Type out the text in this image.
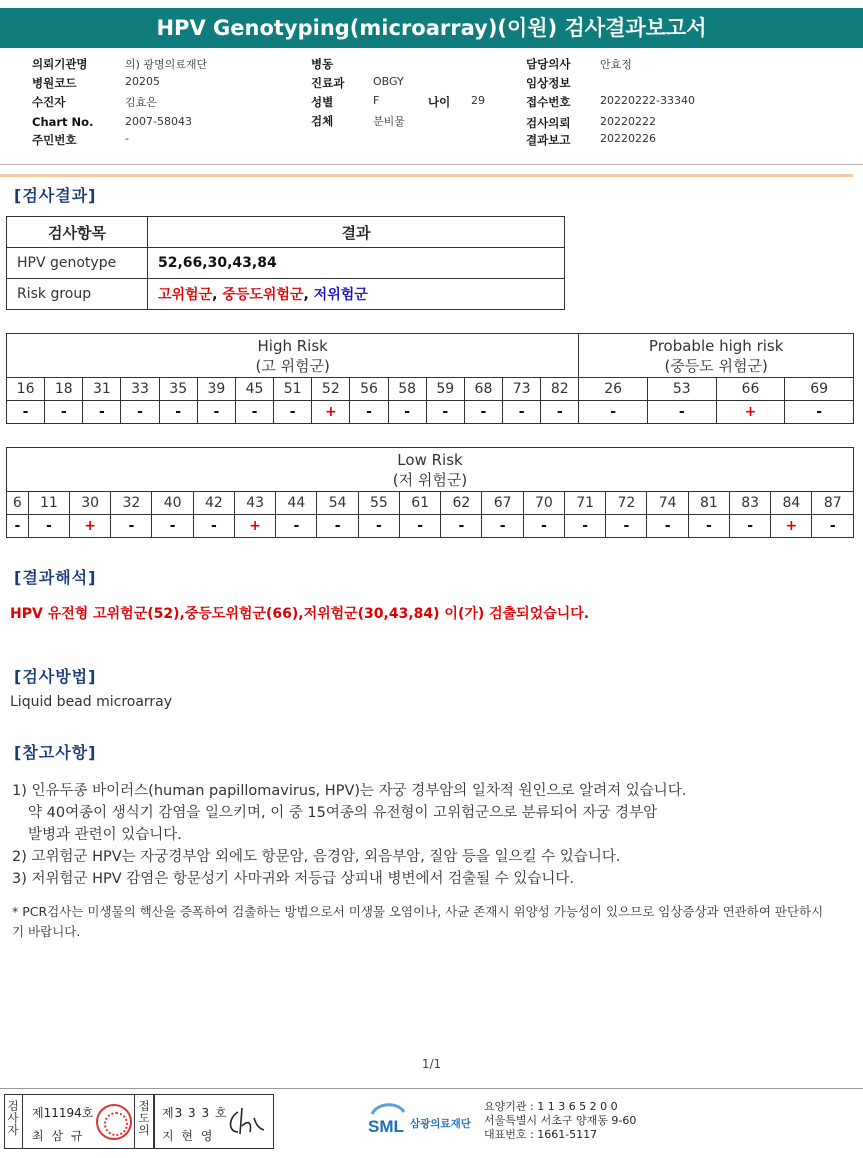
HPV Genotyping(microarray)(이원) 검사결과보고서
의뢰기관명	의) 광명의료재단
병원코드	20205
수진자	김효은
Chart No.	2007-58043
주민번호	-
병동
진료과	OBGY
성별	F	나이 29
검체	분비물
담당의사	안효정
임상정보
접수번호	20220222-33340
검사의뢰	20220222
결과보고	20220226
[검사결과]
검사항목	결과
HPV genotype	52,66,30,43,84
Risk group	고위험군, 중등도위험군, 저위험군
High Risk
(고 위험군)															Probable high risk
(중등도 위험군)			
16	18	31	33	35	39	45	51	52	56	58	59	68	73	82	26	53	66	69
-	-	-	-	-	-	-	-	+	-	-	-	-	-	-	-	-	+	-
Low Risk
(저 위험군)																				
6	11	30	32	40	42	43	44	54	55	61	62	67	70	71	72	74	81	83	84	87
-	-	+	-	-	-	+	-	-	-	-	-	-	-	-	-	-	-	-	+	-
[결과해석]
HPV 유전형 고위험군(52),중등도위험군(66),저위험군(30,43,84) 이(가) 검출되었습니다.
[검사방법]
Liquid bead microarray
[참고사항]
1) 인유두종 바이러스(human papillomavirus, HPV)는 자궁 경부암의 일차적 원인으로 알려져 있습니다.
약 40여종이 생식기 감염을 일으키며, 이 중 15여종의 유전형이 고위험군으로 분류되어 자궁 경부암
발병과 관련이 있습니다.
2) 고위험군 HPV는 자궁경부암 외에도 항문암, 음경암, 외음부암, 질암 등을 일으킬 수 있습니다.
3) 저위험군 HPV 감염은 항문성기 사마귀와 저등급 상피내 병변에서 검출될 수 있습니다.
* PCR검사는 미생물의 핵산을 증폭하여 검출하는 방법으로서 미생물 오염이나, 사균 존재시 위양성 가능성이 있으므로 임상증상과 연관하여 판단하시기 바랍니다.
1/1
검
사
자
제11194호
최 삼 규
접
도
의
제3 3 3 호
지 현 영	SML 삼광의료재단
요양기관 : 1 1 3 6 5 2 0 0
서울특별시 서초구 양재동 9-60
대표번호 : 1661-5117
